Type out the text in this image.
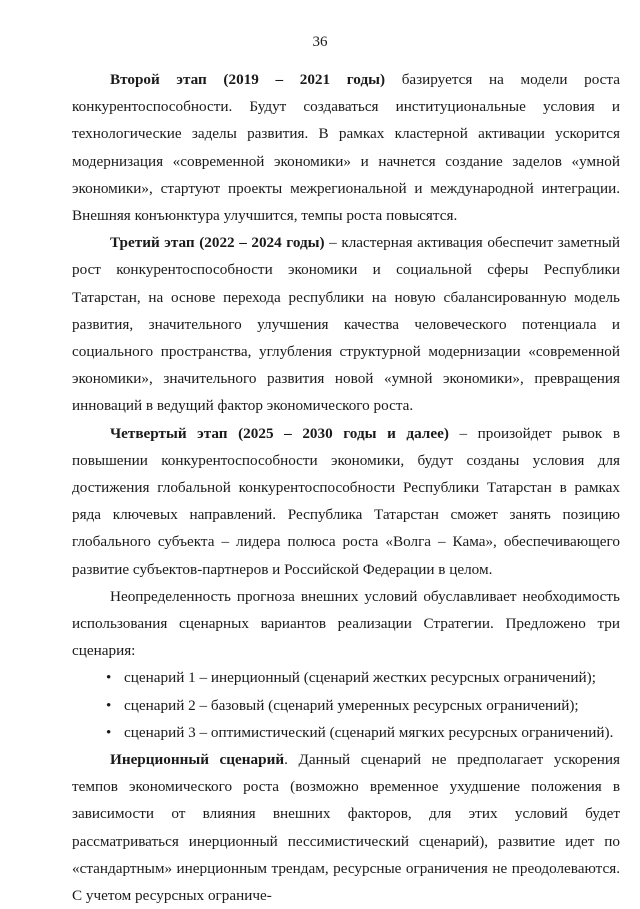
36

Второй этап (2019 – 2021 годы) базируется на модели роста конкурентоспособности. Будут создаваться институциональные условия и технологические заделы развития. В рамках кластерной активации ускорится модернизация «современной экономики» и начнется создание заделов «умной экономики», стартуют проекты межрегиональной и международной интеграции. Внешняя конъюнктура улучшится, темпы роста повысятся.

Третий этап (2022 – 2024 годы) – кластерная активация обеспечит заметный рост конкурентоспособности экономики и социальной сферы Республики Татарстан, на основе перехода республики на новую сбалансированную модель развития, значительного улучшения качества человеческого потенциала и социального пространства, углубления структурной модернизации «современной экономики», значительного развития новой «умной экономики», превращения инноваций в ведущий фактор экономического роста.

Четвертый этап (2025 – 2030 годы и далее) – произойдет рывок в повышении конкурентоспособности экономики, будут созданы условия для достижения глобальной конкурентоспособности Республики Татарстан в рамках ряда ключевых направлений. Республика Татарстан сможет занять позицию глобального субъекта – лидера полюса роста «Волга – Кама», обеспечивающего развитие субъектов-партнеров и Российской Федерации в целом.

Неопределенность прогноза внешних условий обуславливает необходимость использования сценарных вариантов реализации Стратегии. Предложено три сценария:

• сценарий 1 – инерционный (сценарий жестких ресурсных ограничений);
• сценарий 2 – базовый (сценарий умеренных ресурсных ограничений);
• сценарий 3 – оптимистический (сценарий мягких ресурсных ограничений).

Инерционный сценарий. Данный сценарий не предполагает ускорения темпов экономического роста (возможно временное ухудшение положения в зависимости от влияния внешних факторов, для этих условий будет рассматриваться инерционный пессимистический сценарий), развитие идет по «стандартным» инерционным трендам, ресурсные ограничения не преодолеваются. С учетом ресурсных ограниче-
